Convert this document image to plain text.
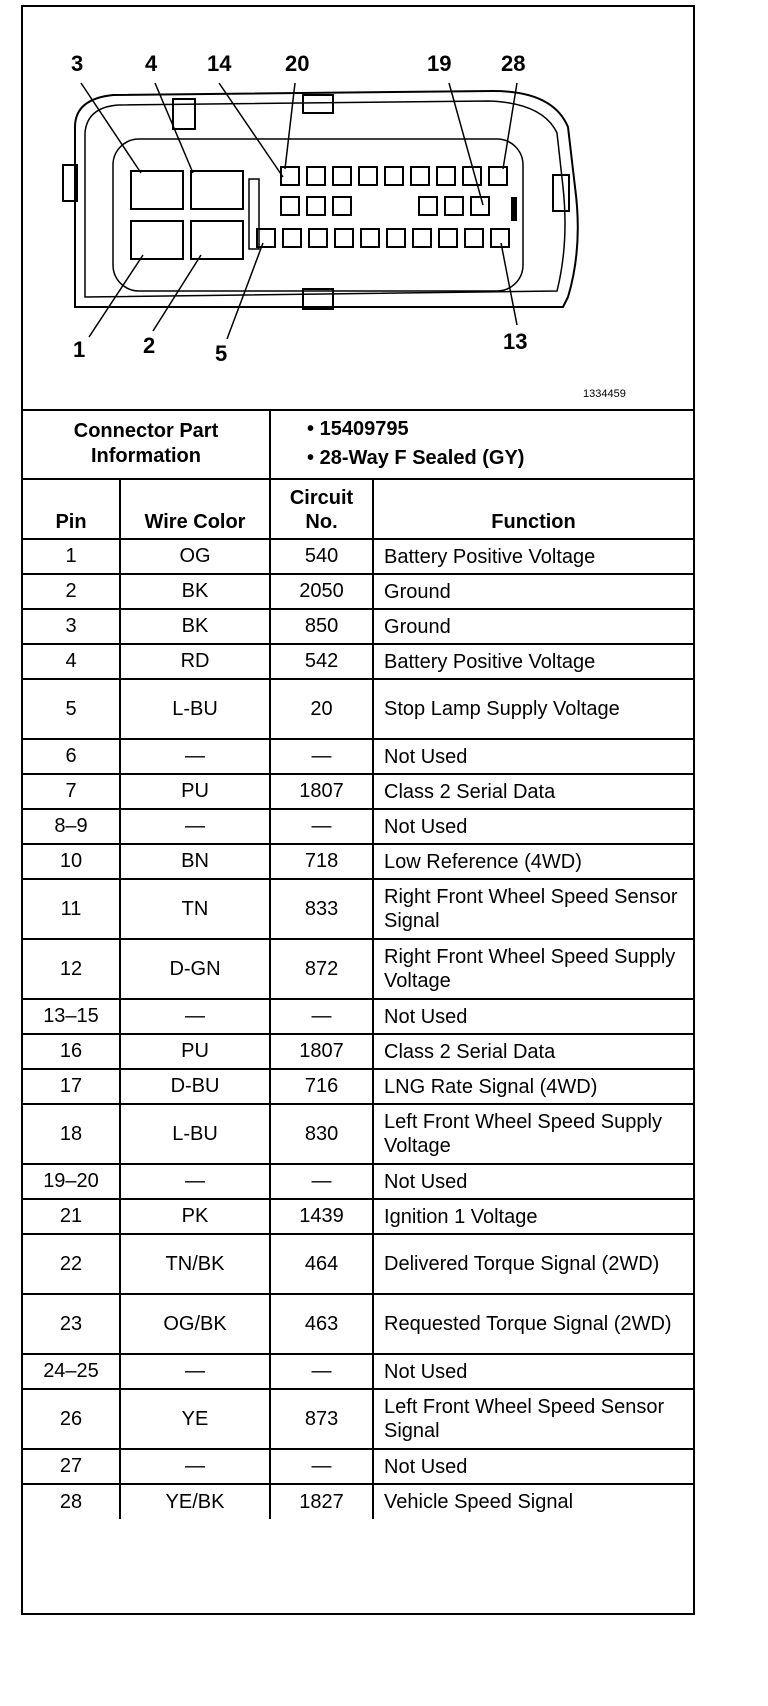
3	4 14 20	19 28
1	2	5	13
1334459
Connector Part Information		• 15409795
• 28-Way F Sealed (GY)	

Pin	Wire Color	Circuit No.	Function
1	OG	540	Battery Positive Voltage
2	BK	2050	Ground
3	BK	850	Ground
4	RD	542	Battery Positive Voltage
5	L-BU	20	Stop Lamp Supply Voltage
6	—	—	Not Used
7	PU	1807	Class 2 Serial Data
8–9	—	—	Not Used
10	BN	718	Low Reference (4WD)
11	TN	833	Right Front Wheel Speed Sensor Signal
12	D-GN	872	Right Front Wheel Speed Supply Voltage
13–15	—	—	Not Used
16	PU	1807	Class 2 Serial Data
17	D-BU	716	LNG Rate Signal (4WD)
18	L-BU	830	Left Front Wheel Speed Supply Voltage
19–20	—	—	Not Used
21	PK	1439	Ignition 1 Voltage
22	TN/BK	464	Delivered Torque Signal (2WD)
23	OG/BK	463	Requested Torque Signal (2WD)
24–25	—	—	Not Used
26	YE	873	Left Front Wheel Speed Sensor Signal
27	—	—	Not Used
28	YE/BK	1827	Vehicle Speed Signal
